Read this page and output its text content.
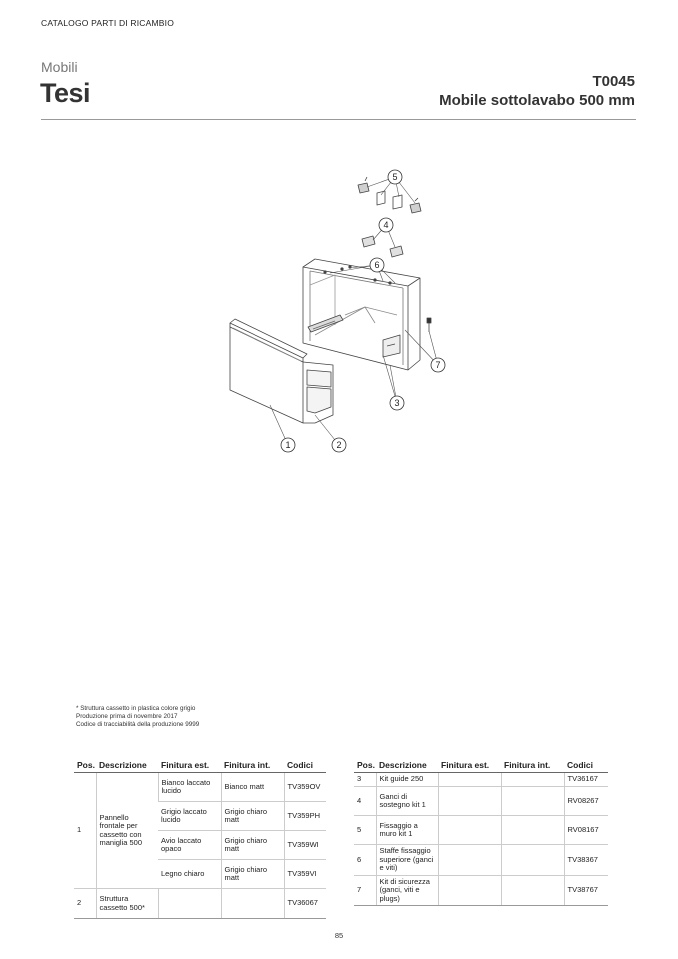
CATALOGO PARTI DI RICAMBIO
Mobili
Tesi	T0045
Mobile sottolavabo 500 mm
1	2
3
4
5
6
7
* Struttura cassetto in plastica colore grigio
Produzione prima di novembre 2017
Codice di tracciabilità della produzione 9999
Pos.	Descrizione	Finitura est.	Finitura int.	Codici
1	Pannello frontale per cassetto con maniglia 500	Bianco laccato lucido	Bianco matt	TV359OV
		Grigio laccato lucido	Grigio chiaro matt	TV359PH
		Avio laccato opaco	Grigio chiaro matt	TV359WI
		Legno chiaro	Grigio chiaro matt	TV359VI
2	Struttura cassetto 500*			TV36067
Pos.	Descrizione	Finitura est.	Finitura int.	Codici
3	Kit guide 250			TV36167
4	Ganci di sostegno kit 1			RV08267
5	Fissaggio a muro kit 1			RV08167
6	Staffe fissaggio superiore (ganci e viti)			TV38367
7	Kit di sicurezza (ganci, viti e plugs)			TV38767
85
